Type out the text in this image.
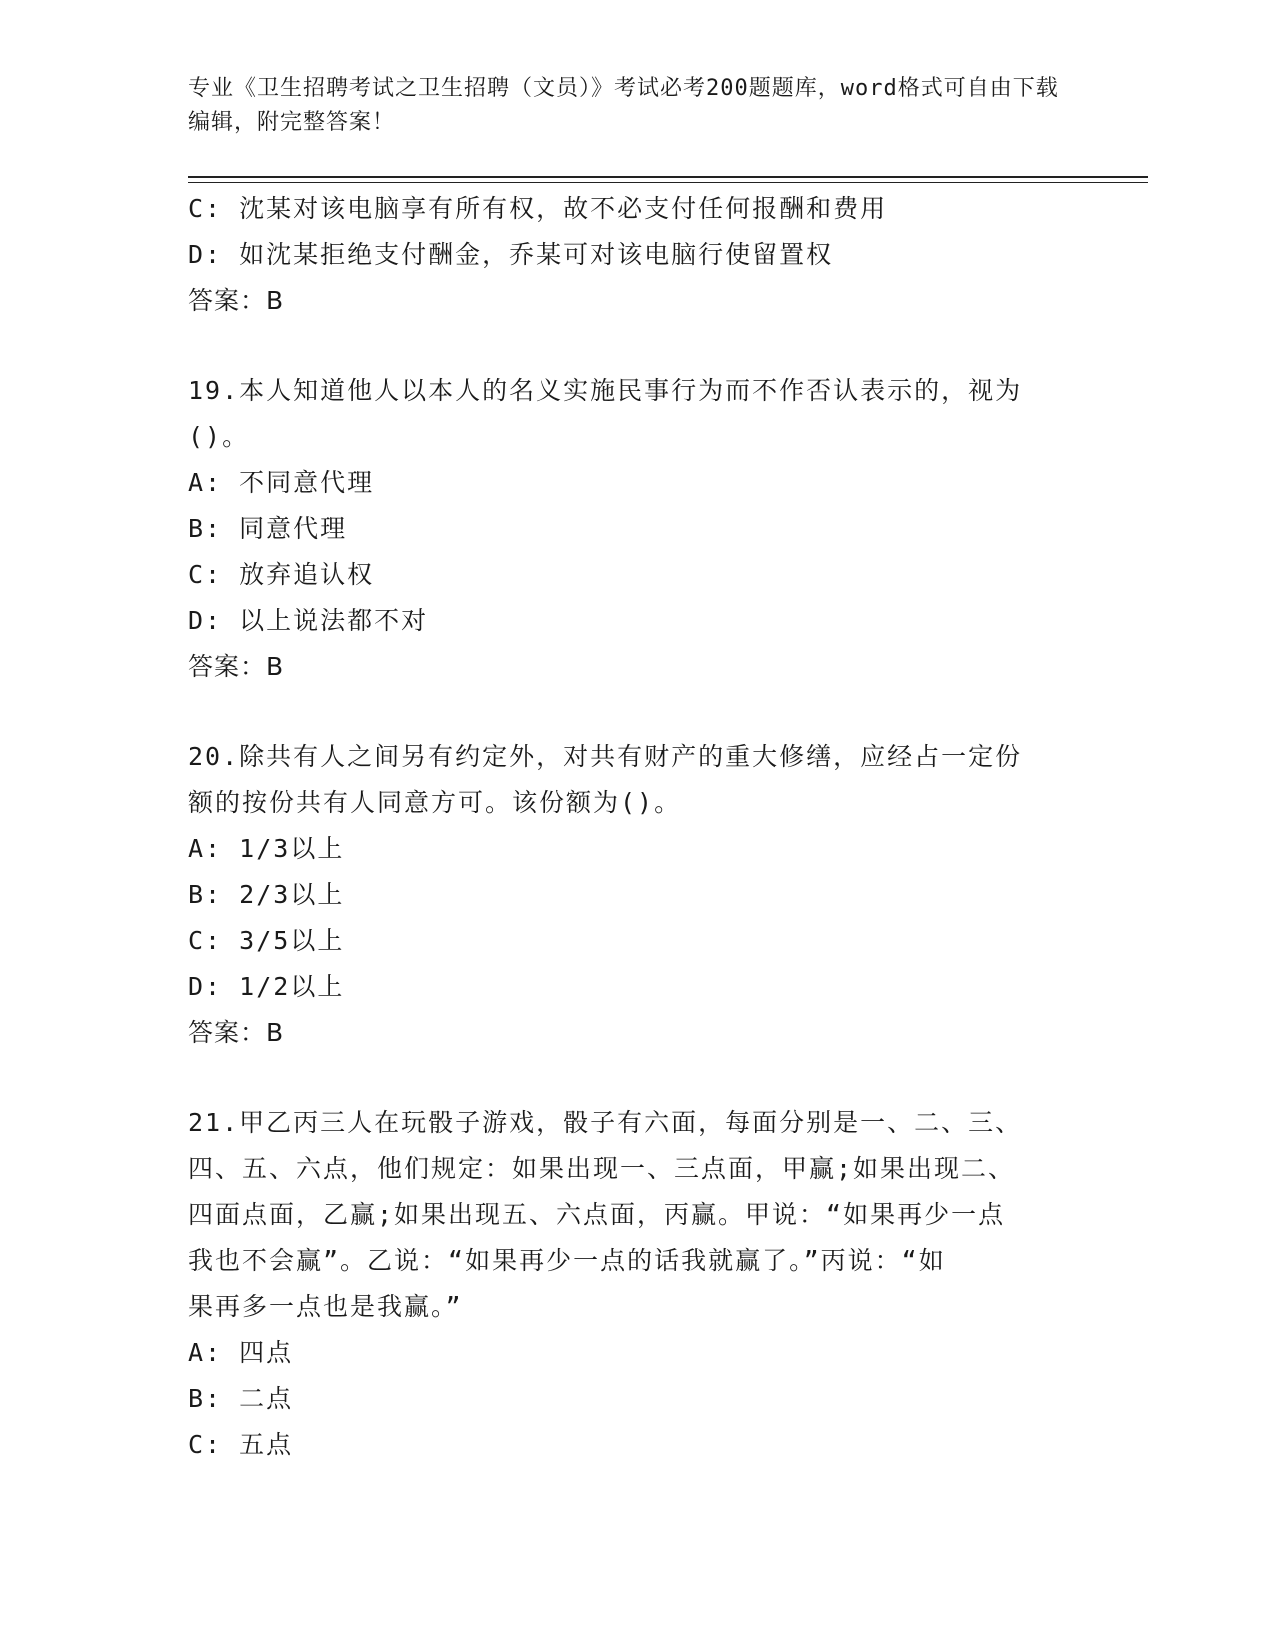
专业《卫生招聘考试之卫生招聘（文员）》考试必考200题题库，word格式可自由下载编辑，附完整答案！
C: 沈某对该电脑享有所有权，故不必支付任何报酬和费用
D: 如沈某拒绝支付酬金，乔某可对该电脑行使留置权
答案：B
19.本人知道他人以本人的名义实施民事行为而不作否认表示的，视为
()。
A: 不同意代理
B: 同意代理
C: 放弃追认权
D: 以上说法都不对
答案：B
20.除共有人之间另有约定外，对共有财产的重大修缮，应经占一定份
额的按份共有人同意方可。该份额为()。
A: 1/3以上
B: 2/3以上
C: 3/5以上
D: 1/2以上
答案：B
21.甲乙丙三人在玩骰子游戏，骰子有六面，每面分别是一、二、三、
四、五、六点，他们规定：如果出现一、三点面，甲赢;如果出现二、
四面点面，乙赢;如果出现五、六点面，丙赢。甲说：“如果再少一点
我也不会赢”。乙说：“如果再少一点的话我就赢了。”丙说：“如
果再多一点也是我赢。”
A: 四点
B: 二点
C: 五点
